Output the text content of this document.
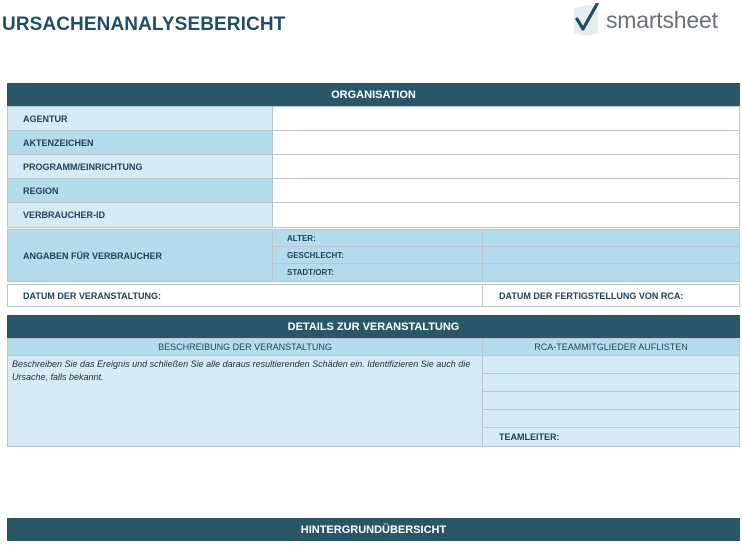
URSACHENANALYSEBERICHT	smartsheet
ORGANISATION
AGENTUR
AKTENZEICHEN
PROGRAMM/EINRICHTUNG
REGION
VERBRAUCHER-ID
ANGABEN FÜR VERBRAUCHER
ALTER:
GESCHLECHT:
STADT/ORT:
DATUM DER VERANSTALTUNG:	DATUM DER FERTIGSTELLUNG VON RCA:
DETAILS ZUR VERANSTALTUNG
BESCHREIBUNG DER VERANSTALTUNG	RCA-TEAMMITGLIEDER AUFLISTEN
Beschreiben Sie das Ereignis und schließen Sie alle daraus resultierenden Schäden ein. Identifizieren Sie auch die Ursache, falls bekannt.
TEAMLEITER:
HINTERGRUNDÜBERSICHT
